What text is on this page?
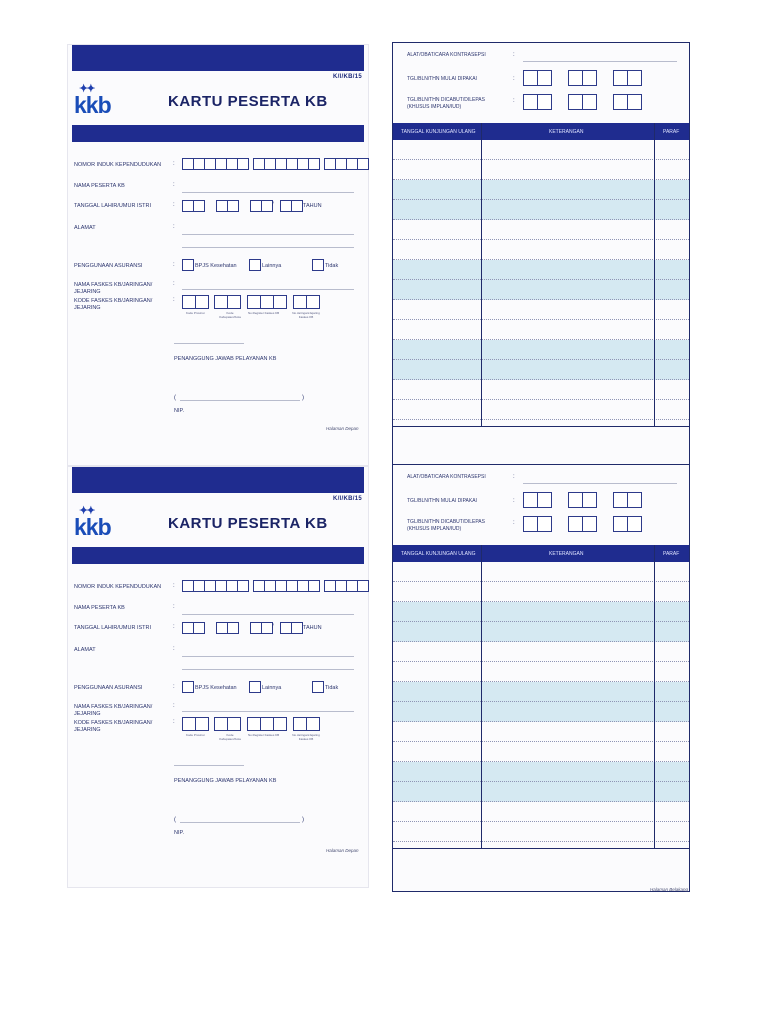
K/I/KB/15
✦✦
kkb	KARTU PESERTA KB
NOMOR INDUK KEPENDUDUKAN :
NAMA PESERTA KB	:
TANGGAL LAHIR/UMUR ISTRI	:	/	TAHUN
ALAMAT	:
PENGGUNAAN ASURANSI	:	BPJS Kesehatan	Lainnya	Tidak
NAMA FASKES KB/JARINGAN/
JEJARING
:
KODE FASKES KB/JARINGAN/
JEJARING
:
Kode Provinsi	Kode Kabupaten/Kota
No.Register Faskes KB	No.Jaringan/Jejaring Faskes KB
PENANGGUNG JAWAB PELAYANAN KB
(	)
NIP.
Halaman Depan
ALAT/OBAT/CARA KONTRASEPSI	:
TGL/BLN/THN MULAI DIPAKAI	:
TGL/BLN/THN DICABUT/DILEPAS
(KHUSUS IMPLAN/IUD)
:
TANGGAL KUNJUNGAN ULANG	KETERANGAN	PARAF
K/I/KB/15
✦✦
kkb	KARTU PESERTA KB
NOMOR INDUK KEPENDUDUKAN :
NAMA PESERTA KB	:
TANGGAL LAHIR/UMUR ISTRI	:	/	TAHUN
ALAMAT	:
PENGGUNAAN ASURANSI	:	BPJS Kesehatan	Lainnya	Tidak
NAMA FASKES KB/JARINGAN/
JEJARING
:
KODE FASKES KB/JARINGAN/
JEJARING
:
Kode Provinsi	Kode Kabupaten/Kota
No.Register Faskes KB	No.Jaringan/Jejaring Faskes KB
PENANGGUNG JAWAB PELAYANAN KB
(	)
NIP.
Halaman Depan
ALAT/OBAT/CARA KONTRASEPSI	:
TGL/BLN/THN MULAI DIPAKAI	:
TGL/BLN/THN DICABUT/DILEPAS
(KHUSUS IMPLAN/IUD)
:
TANGGAL KUNJUNGAN ULANG	KETERANGAN	PARAF
Halaman Belakang
